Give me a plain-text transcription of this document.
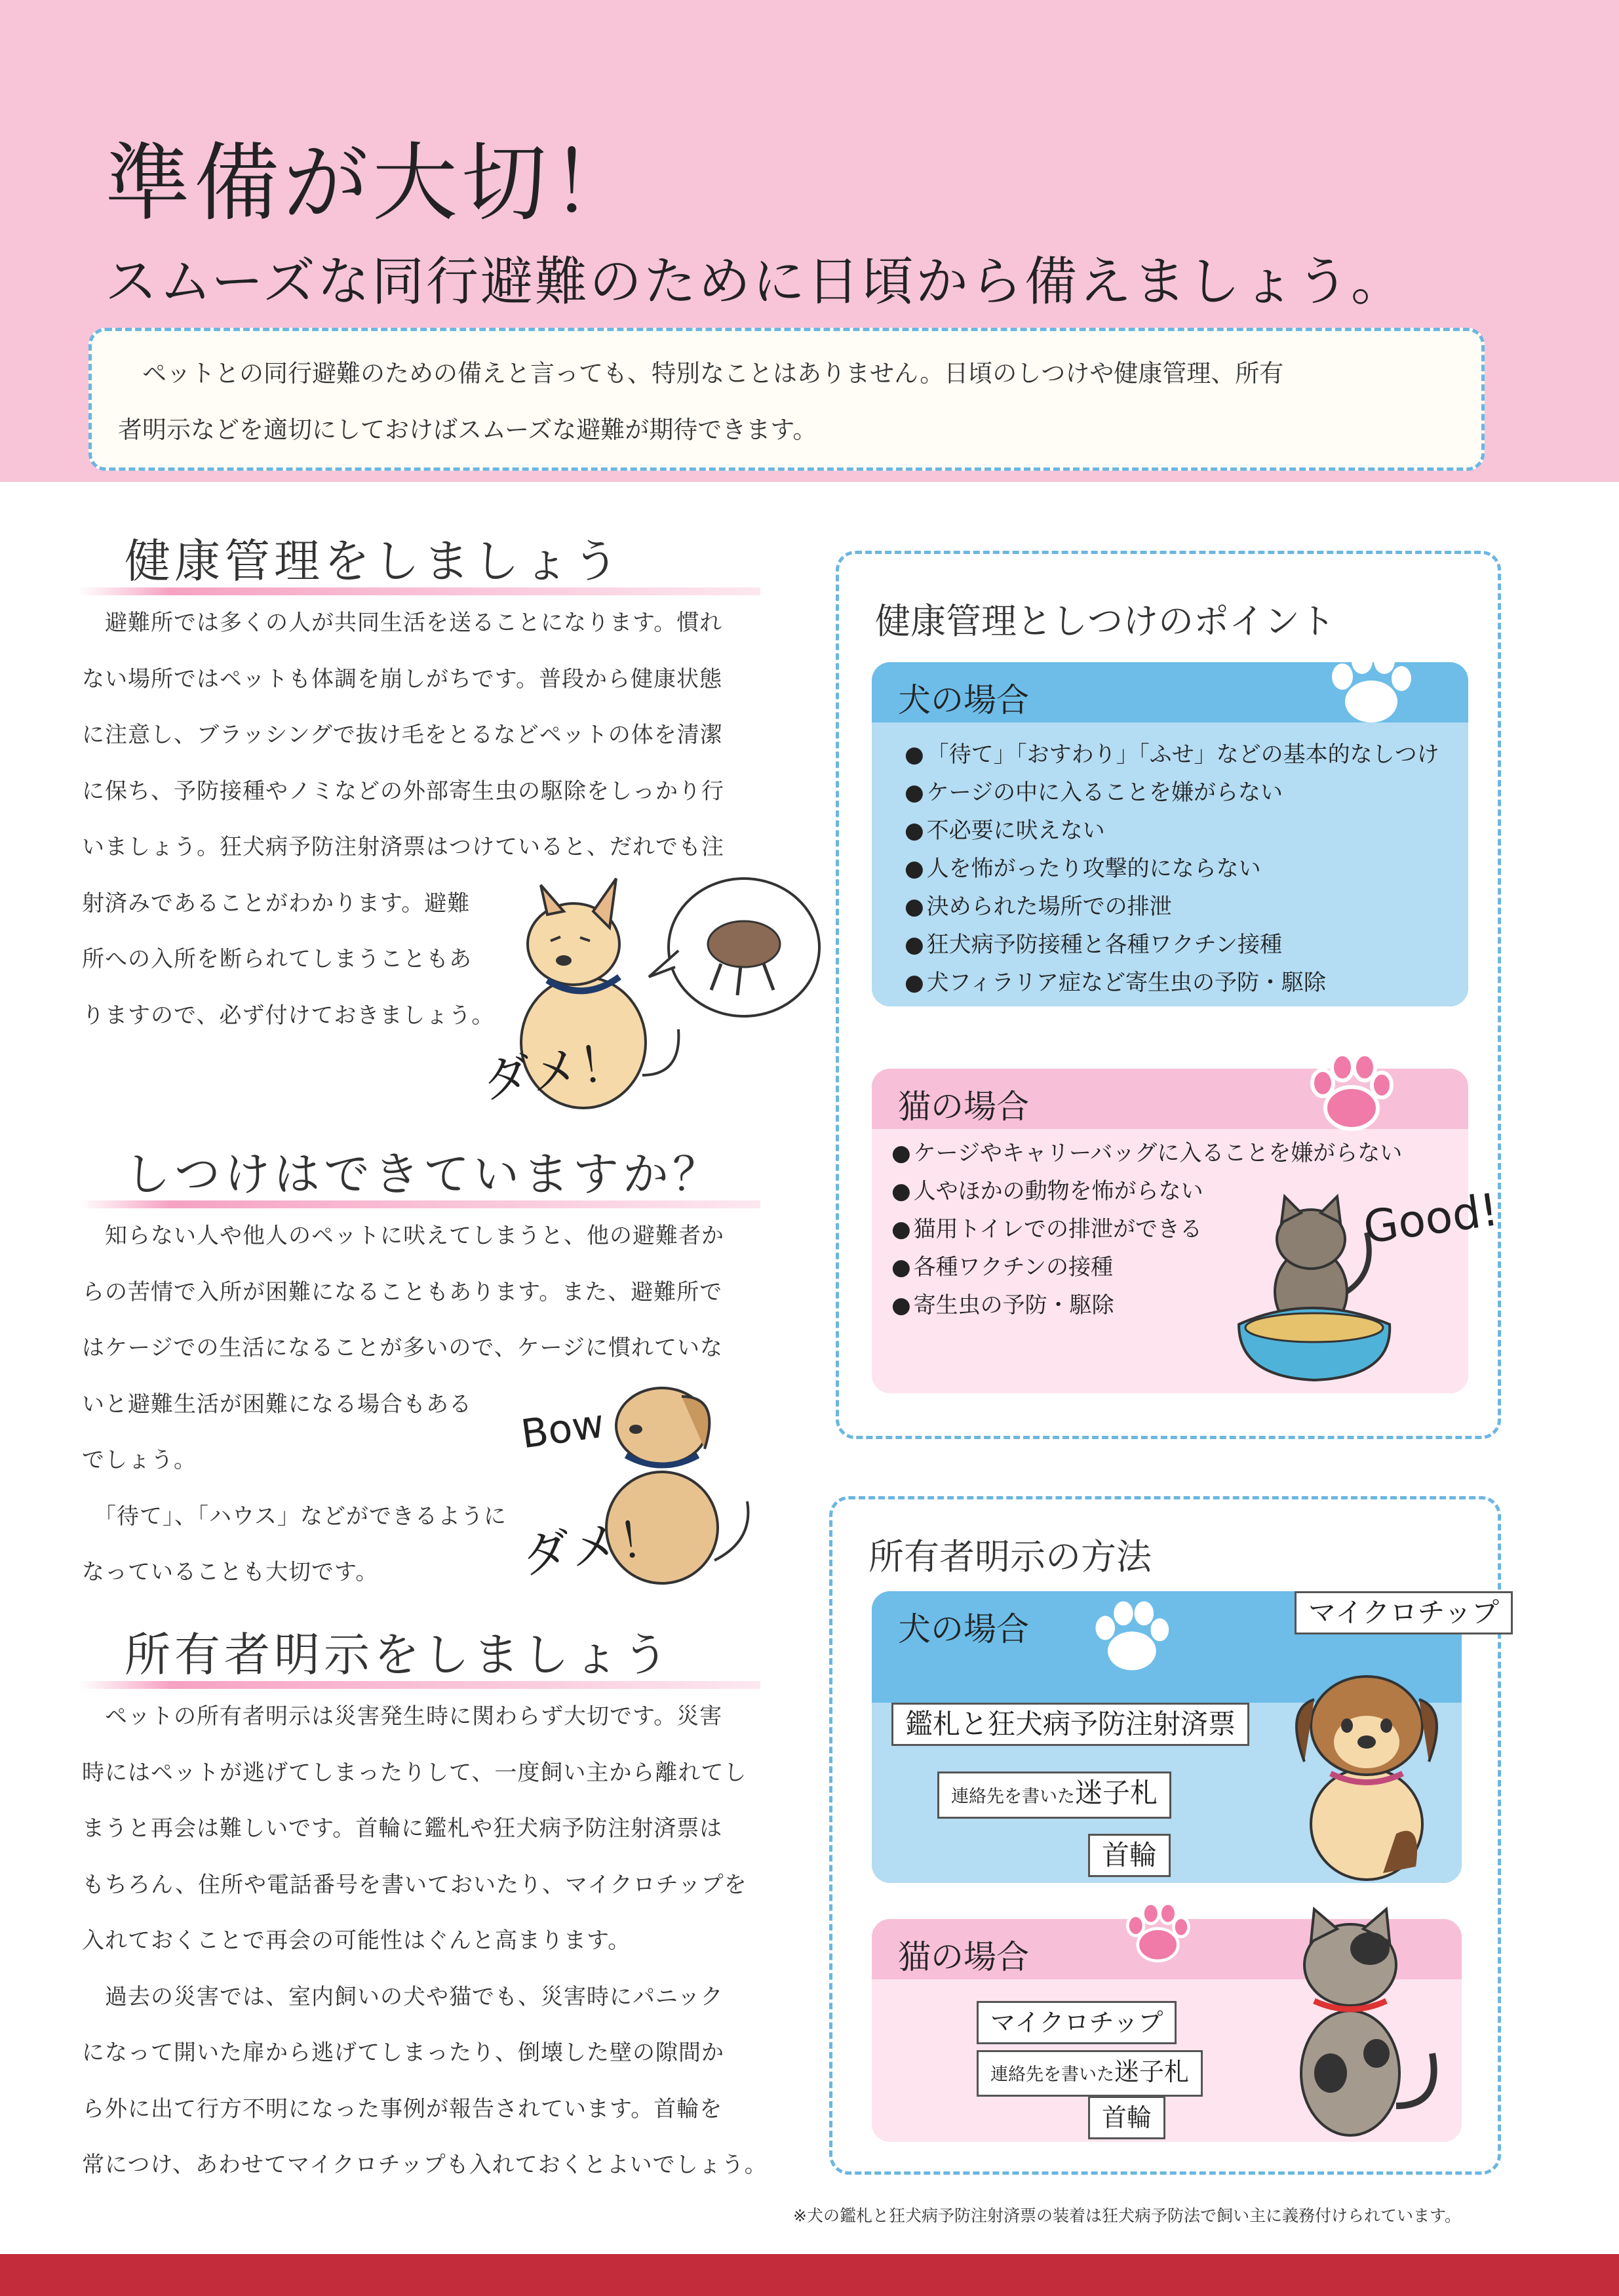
準備が大切！
スムーズな同行避難のために日頃から備えましょう。
　ペットとの同行避難のための備えと言っても、特別なことはありません。日頃のしつけや健康管理、所有
者明示などを適切にしておけばスムーズな避難が期待できます。
健康管理をしましょう
　避難所では多くの人が共同生活を送ることになります。慣れ
ない場所ではペットも体調を崩しがちです。普段から健康状態
に注意し、ブラッシングで抜け毛をとるなどペットの体を清潔
に保ち、予防接種やノミなどの外部寄生虫の駆除をしっかり行
いましょう。狂犬病予防注射済票はつけていると、だれでも注
射済みであることがわかります。避難
所への入所を断られてしまうこともあ
りますので、必ず付けておきましょう。
ダメ！
しつけはできていますか？
　知らない人や他人のペットに吠えてしまうと、他の避難者か
らの苦情で入所が困難になることもあります。また、避難所で
はケージでの生活になることが多いので、ケージに慣れていな
いと避難生活が困難になる場合もある
でしょう。
　「待て」、「ハウス」などができるように
なっていることも大切です。
Bow
ダメ！
所有者明示をしましょう
　ペットの所有者明示は災害発生時に関わらず大切です。災害
時にはペットが逃げてしまったりして、一度飼い主から離れてし
まうと再会は難しいです。首輪に鑑札や狂犬病予防注射済票は
もちろん、住所や電話番号を書いておいたり、マイクロチップを
入れておくことで再会の可能性はぐんと高まります。
　過去の災害では、室内飼いの犬や猫でも、災害時にパニック
になって開いた扉から逃げてしまったり、倒壊した壁の隙間か
ら外に出て行方不明になった事例が報告されています。首輪を
常につけ、あわせてマイクロチップも入れておくとよいでしょう。
健康管理としつけのポイント
犬の場合
● 「待て」「おすわり」「ふせ」などの基本的なしつけ
● ケージの中に入ることを嫌がらない
● 不必要に吠えない
● 人を怖がったり攻撃的にならない
● 決められた場所での排泄
● 狂犬病予防接種と各種ワクチン接種
● 犬フィラリア症など寄生虫の予防・駆除
猫の場合
● ケージやキャリーバッグに入ることを嫌がらない
● 人やほかの動物を怖がらない
● 猫用トイレでの排泄ができる
● 各種ワクチンの接種
● 寄生虫の予防・駆除
Good!
所有者明示の方法
犬の場合	マイクロチップ
鑑札と狂犬病予防注射済票
連絡先を書いた迷子札
首輪
猫の場合
マイクロチップ
連絡先を書いた迷子札
首輪
※犬の鑑札と狂犬病予防注射済票の装着は狂犬病予防法で飼い主に義務付けられています。
